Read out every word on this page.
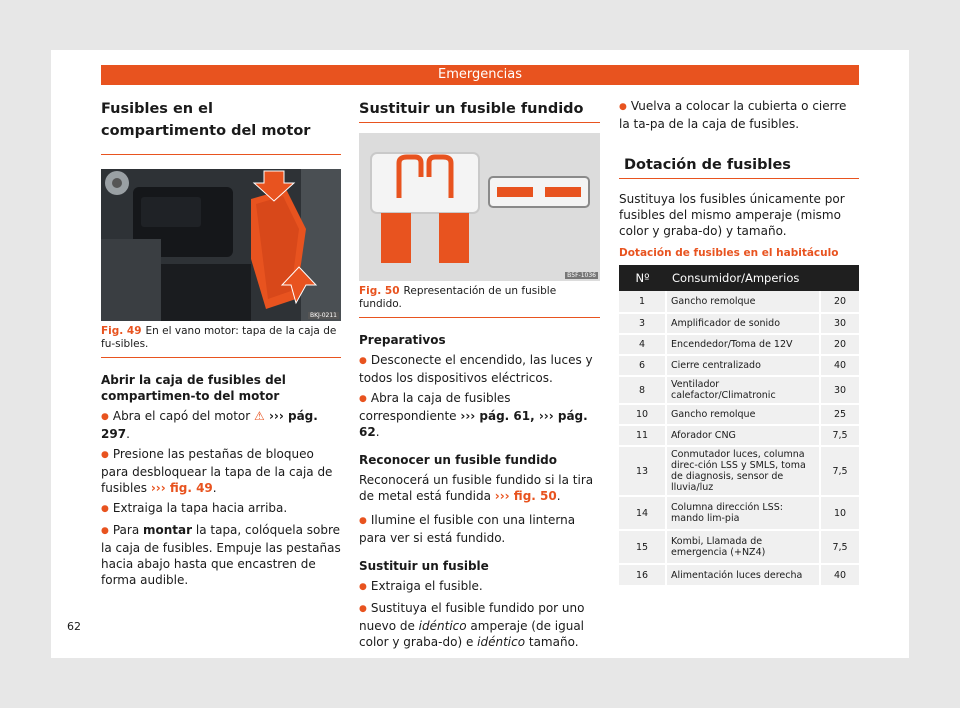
Emergencias
Fusibles en el compartimento del motor
BKJ-0211
Fig. 49 En el vano motor: tapa de la caja de fu-sibles.
Abrir la caja de fusibles del compartimen-to del motor
● Abra el capó del motor ⚠ ››› pág. 297.
● Presione las pestañas de bloqueo para desbloquear la tapa de la caja de fusibles ››› fig. 49.
● Extraiga la tapa hacia arriba.
● Para montar la tapa, colóquela sobre la caja de fusibles. Empuje las pestañas hacia abajo hasta que encastren de forma audible.
Sustituir un fusible fundido
B5F-1036
Fig. 50 Representación de un fusible fundido.
Preparativos
● Desconecte el encendido, las luces y todos los dispositivos eléctricos.
● Abra la caja de fusibles correspondiente ››› pág. 61, ››› pág. 62.
Reconocer un fusible fundido
Reconocerá un fusible fundido si la tira de metal está fundida ››› fig. 50.
● Ilumine el fusible con una linterna para ver si está fundido.
Sustituir un fusible
● Extraiga el fusible.
● Sustituya el fusible fundido por uno nuevo de idéntico amperaje (de igual color y graba-do) e idéntico tamaño.
● Vuelva a colocar la cubierta o cierre la ta-pa de la caja de fusibles.
Dotación de fusibles
Sustituya los fusibles únicamente por fusibles del mismo amperaje (mismo color y graba-do) y tamaño.
Dotación de fusibles en el habitáculo
Nº	Consumidor/Amperios	
1	Gancho remolque	20
3	Amplificador de sonido	30
4	Encendedor/Toma de 12V	20
6	Cierre centralizado	40
8	Ventilador calefactor/Climatronic	30
10	Gancho remolque	25
11	Aforador CNG	7,5
13	Conmutador luces, columna direc-ción LSS y SMLS, toma de diagnosis, sensor de lluvia/luz	7,5
14	Columna dirección LSS: mando lim-pia	10
15	Kombi, Llamada de emergencia (+NZ4)	7,5
16	Alimentación luces derecha	40
62
